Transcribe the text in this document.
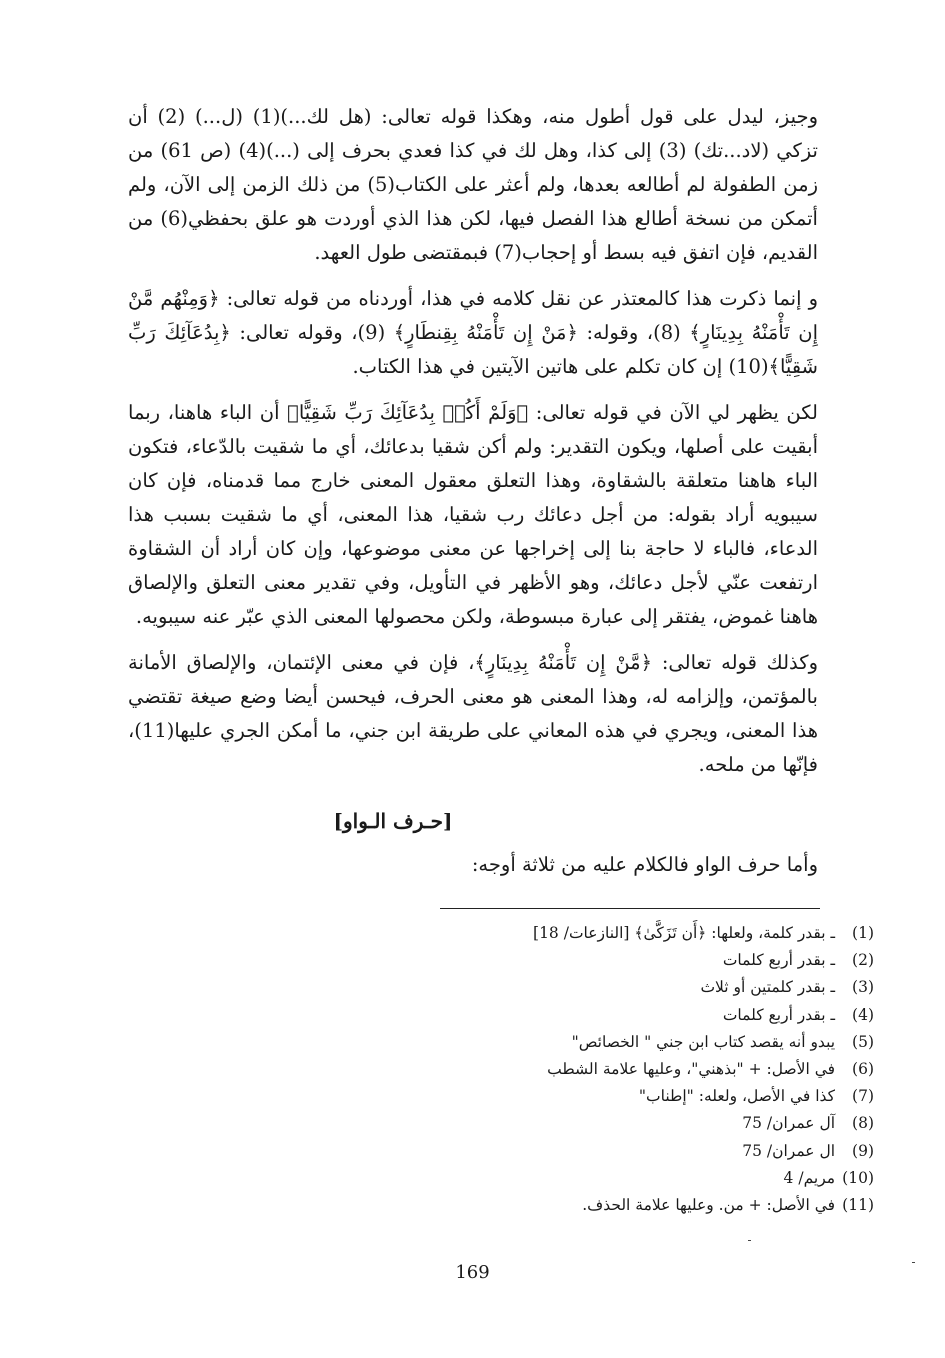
وجيز، ليدل على قول أطول منه، وهكذا قوله تعالى: (هل لك...)(1) (ل...) (2) أن تزكي (لاد...تك) (3) إلى كذا، وهل لك في كذا فعدي بحرف إلى (...)(4) (ص 61) من زمن الطفولة لم أطالعه بعدها، ولم أعثر على الكتاب(5) من ذلك الزمن إلى الآن، ولم أتمكن من نسخة أطالع هذا الفصل فيها، لكن هذا الذي أوردت هو علق بحفظي(6) من القديم، فإن اتفق فيه بسط أو إحجاب(7) فبمقتضى طول العهد.

و إنما ذكرت هذا كالمعتذر عن نقل كلامه في هذا، أوردناه من قوله تعالى: ﴿وَمِنْهُم مَّنْ إِن تَأْمَنْهُ بِدِينَارٍ﴾ (8)، وقوله: ﴿مَنْ إِن تَأْمَنْهُ بِقِنطَارٍ﴾ (9)، وقوله تعالى: ﴿بِدُعَآئِكَ رَبِّ شَقِيًّا﴾(10) إن كان تكلم على هاتين الآيتين في هذا الكتاب.

لكن يظهر لي الآن في قوله تعالى: ﴿وَلَمْ أَكُنۢ بِدُعَآئِكَ رَبِّ شَقِيًّا﴾ أن الباء هاهنا، ربما أبقيت على أصلها، ويكون التقدير: ولم أكن شقيا بدعائك، أي ما شقيت بالدّعاء، فتكون الباء هاهنا متعلقة بالشقاوة، وهذا التعلق معقول المعنى خارج مما قدمناه، فإن كان سيبويه أراد بقوله: من أجل دعائك رب شقيا، هذا المعنى، أي ما شقيت بسبب هذا الدعاء، فالباء لا حاجة بنا إلى إخراجها عن معنى موضوعها، وإن كان أراد أن الشقاوة ارتفعت عنّي لأجل دعائك، وهو الأظهر في التأويل، وفي تقدير معنى التعلق والإلصاق هاهنا غموض، يفتقر إلى عبارة مبسوطة، ولكن محصولها المعنى الذي عبّر عنه سيبويه.

وكذلك قوله تعالى: ﴿مَّنْ إِن تَأْمَنْهُ بِدِينَارٍ﴾، فإن في معنى الإئتمان، والإلصاق الأمانة بالمؤتمن، وإلزامه له، وهذا المعنى هو معنى الحرف، فيحسن أيضا وضع صيغة تقتضي هذا المعنى، ويجري في هذه المعاني على طريقة ابن جني، ما أمكن الجري عليها(11)، فإنّها من ملحه.

[حـرف الـواو]

وأما حرف الواو فالكلام عليه من ثلاثة أوجه:

(1) ـ بقدر كلمة، ولعلها: ﴿أَن تَزَكَّىٰ﴾ [النازعات/ 18]
(2) ـ بقدر أربع كلمات
(3) ـ بقدر كلمتين أو ثلاث
(4) ـ بقدر أربع كلمات
(5) يبدو أنه يقصد كتاب ابن جني " الخصائص"
(6) في الأصل: + "بذهني"، وعليها علامة الشطب
(7) كذا في الأصل، ولعله: "إطناب"
(8) آل عمران/ 75
(9) ال عمران/ 75
(10) مريم/ 4
(11) في الأصل: + من. وعليها علامة الحذف.
169
